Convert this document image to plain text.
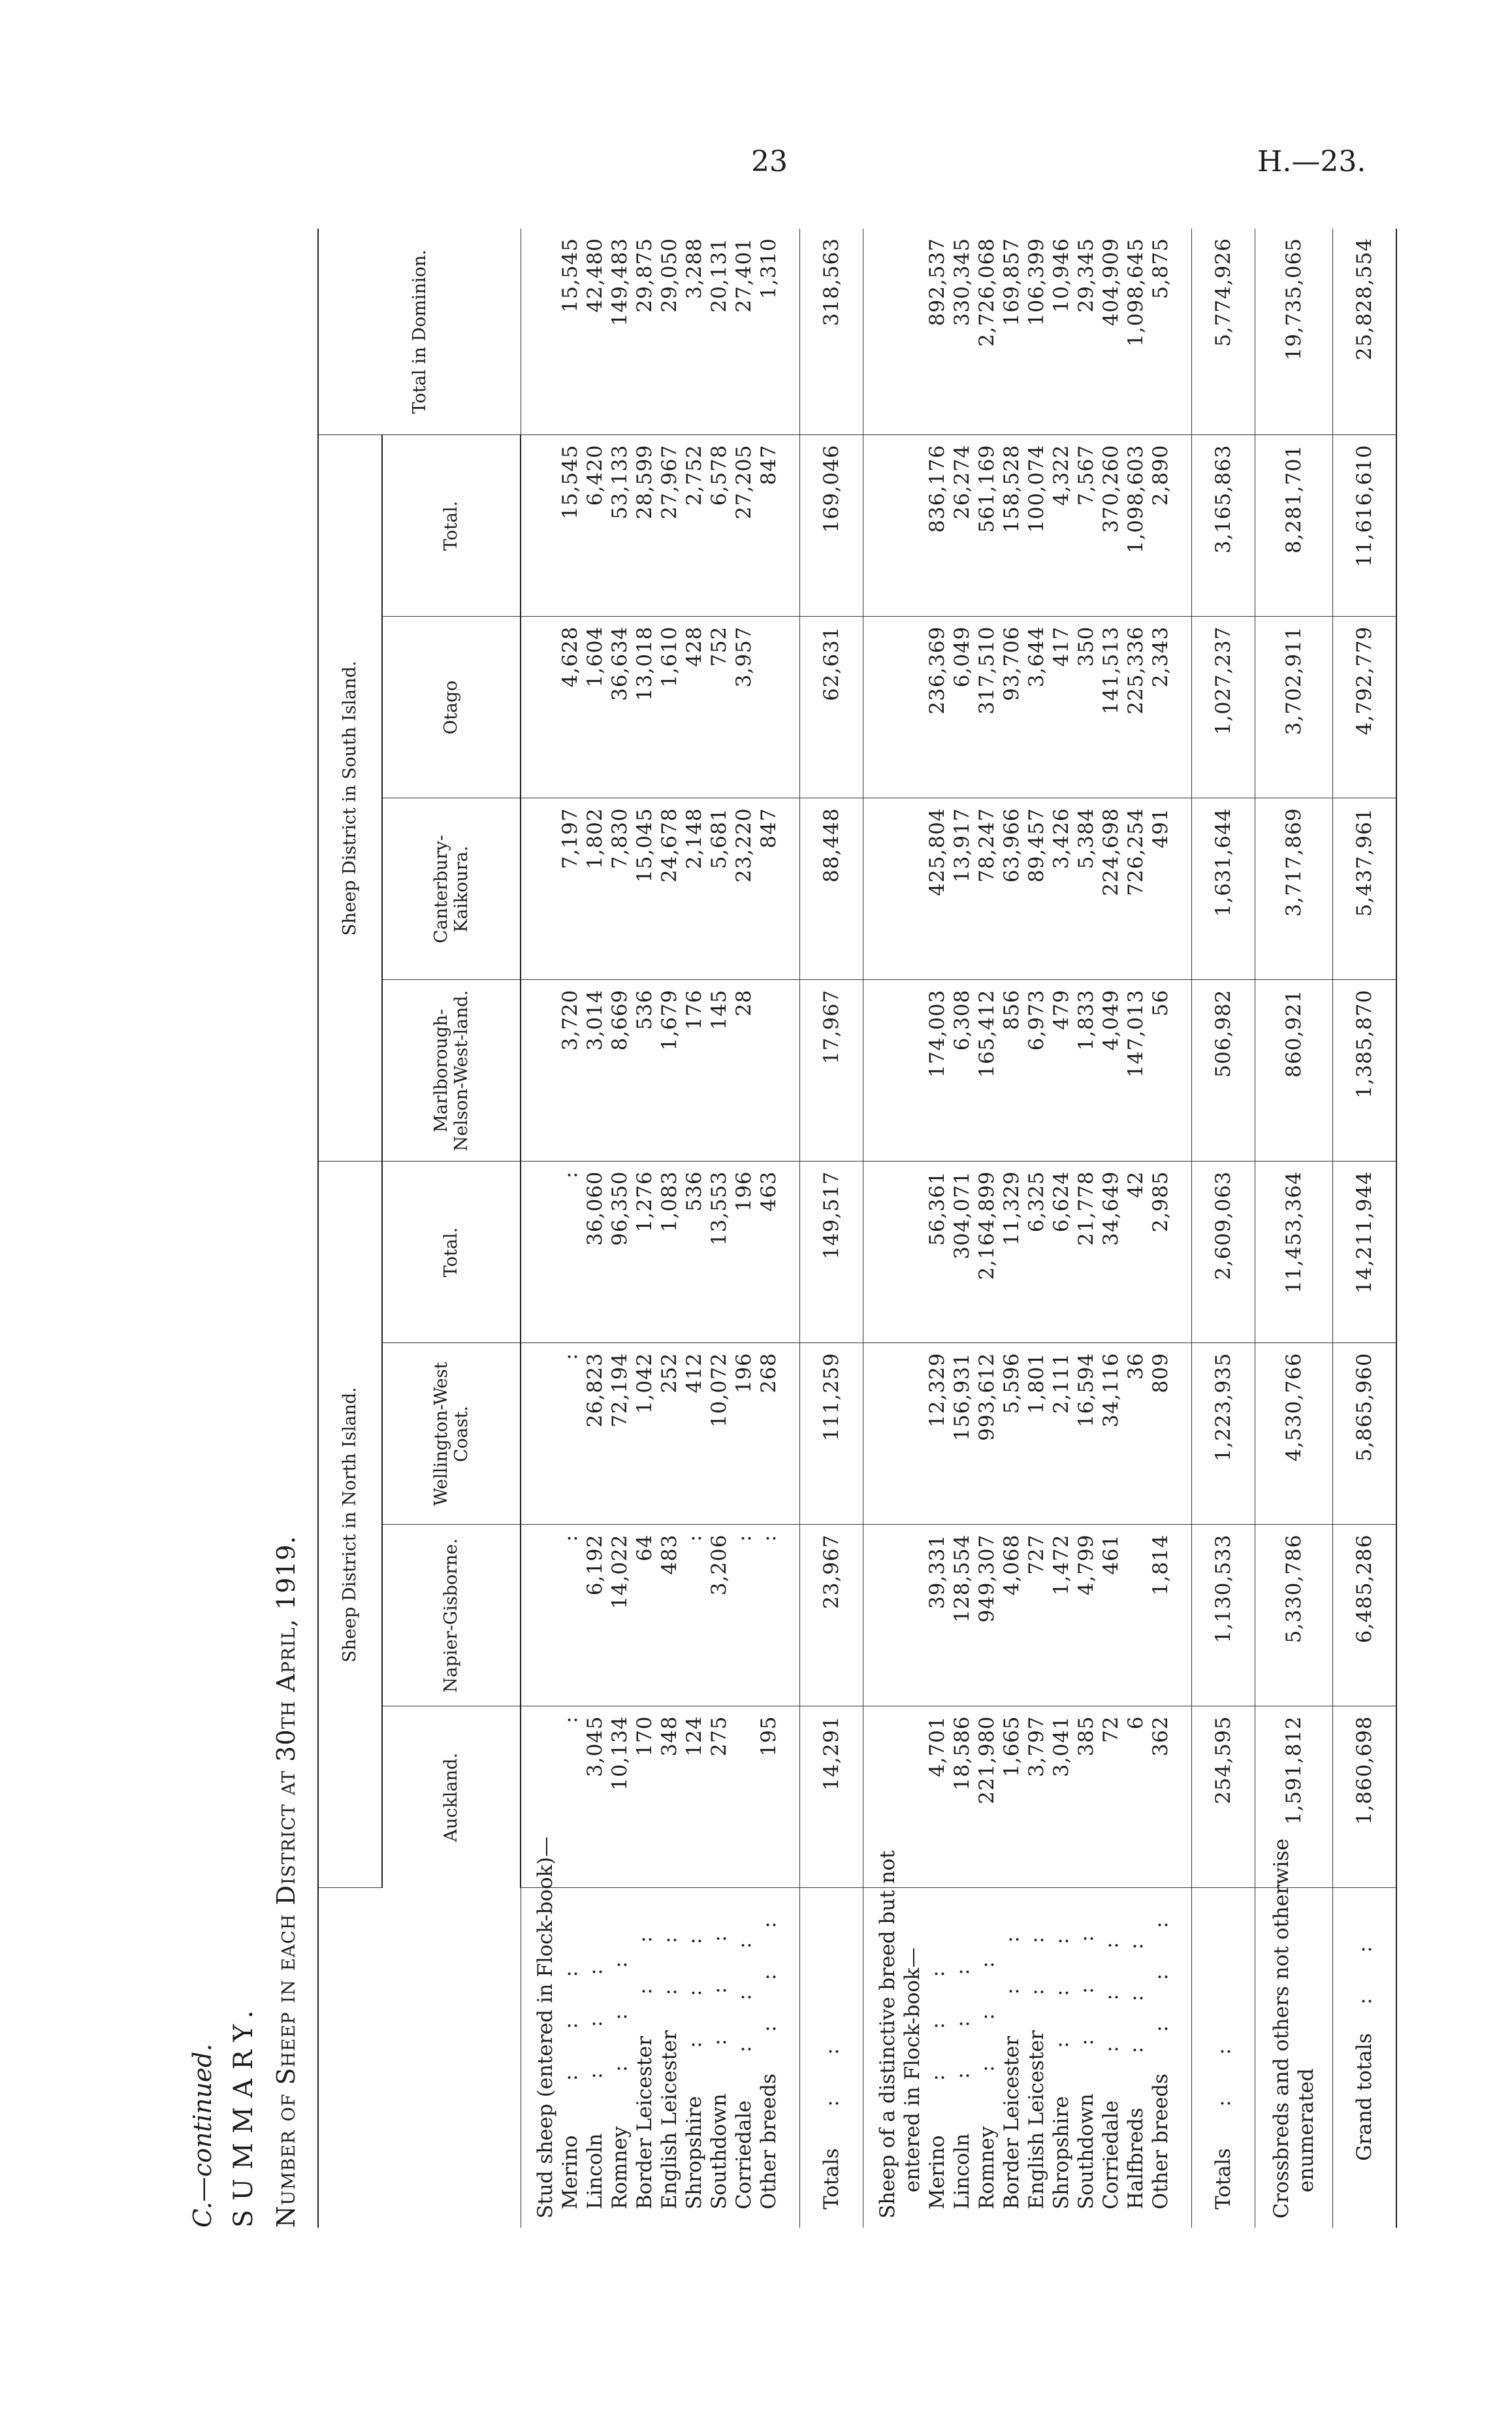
23	H.—23.
C.—continued. SUMMARY. Number of Sheep in each District at 30th April, 1919.
	Sheep District in North Island.				Sheep District in South Island.				Total in Dominion.
	Auckland.	Napier-Gisborne.	Wellington-West Coast.	Total.	Marlborough-Nelson-West-land.	Canterbury-Kaikoura.	Otago	Total.	
Stud sheep (entered in Flock-book)—									
Merino      :       :       :	:	:	:	:	3,720	7,197	4,628	15,545	15,545
Lincoln      :       :       :	3,045	6,192	26,823	36,060	3,014	1,802	1,604	6,420	42,480
Romney      :       :       :	10,134	14,022	72,194	96,350	8,669	7,830	36,634	53,133	149,483
Border Leicester    :       :	170	64	1,042	1,276	536	15,045	13,018	28,599	29,875
English Leicester   :       :	348	483	252	1,083	1,679	24,678	1,610	27,967	29,050
Shropshire     :       :       :	124	:	412	536	176	2,148	428	2,752	3,288
Southdown     :       :       :	275	3,206	10,072	13,553	145	5,681	752	6,578	20,131
Corriedale     :       :       :		:	196	196	28	23,220	3,957	27,205	27,401
Other breeds    :       :       :	195	:	268	463		847		847	1,310

Totals    :       :	14,291	23,967	111,259	149,517	17,967	88,448	62,631	169,046	318,563
Sheep of a distinctive breed but not entered in Flock-book—									

Merino      :       :       :	4,701	39,331	12,329	56,361	174,003	425,804	236,369	836,176	892,537
Lincoln      :       :       :	18,586	128,554	156,931	304,071	6,308	13,917	6,049	26,274	330,345
Romney      :       :       :	221,980	949,307	993,612	2,164,899	165,412	78,247	317,510	561,169	2,726,068
Border Leicester    :       :	1,665	4,068	5,596	11,329	856	63,966	93,706	158,528	169,857
English Leicester   :       :	3,797	727	1,801	6,325	6,973	89,457	3,644	100,074	106,399
Shropshire     :       :       :	3,041	1,472	2,111	6,624	479	3,426	417	4,322	10,946
Southdown     :       :       :	385	4,799	16,594	21,778	1,833	5,384	350	7,567	29,345
Corriedale     :       :       :	72	461	34,116	34,649	4,049	224,698	141,513	370,260	404,909
Halfbreds      :       :       :	6		36	42	147,013	726,254	225,336	1,098,603	1,098,645
Other breeds    :       :       :	362	1,814	809	2,985	56	491	2,343	2,890	5,875

Totals    :       :	254,595	1,130,533	1,223,935	2,609,063	506,982	1,631,644	1,027,237	3,165,863	5,774,926
Crossbreds and others not otherwise enumerated	1,591,812	5,330,786	4,530,766	11,453,364	860,921	3,717,869	3,702,911	8,281,701	19,735,065
Grand totals  :       :	1,860,698	6,485,286	5,865,960	14,211,944	1,385,870	5,437,961	4,792,779	11,616,610	25,828,554
